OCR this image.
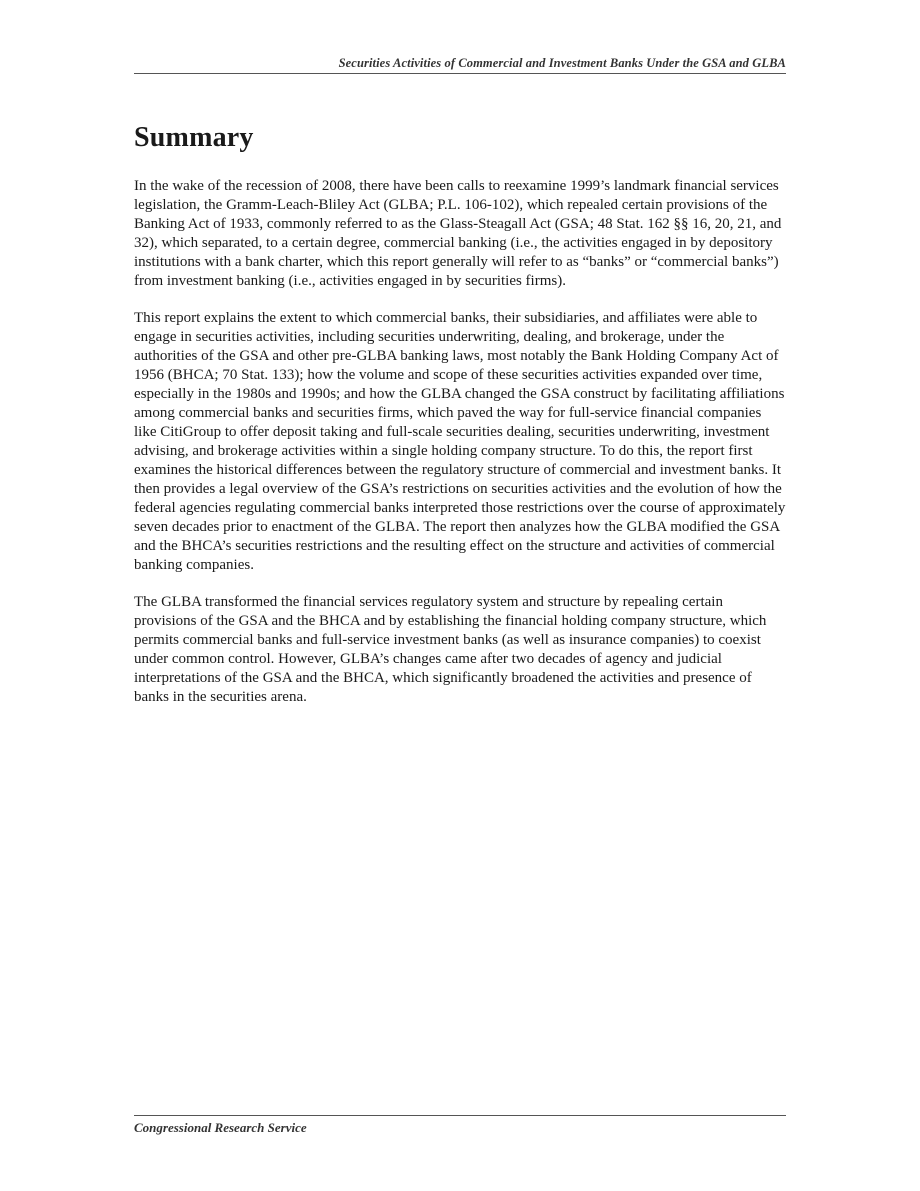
Securities Activities of Commercial and Investment Banks Under the GSA and GLBA
Summary

In the wake of the recession of 2008, there have been calls to reexamine 1999’s landmark financial services legislation, the Gramm-Leach-Bliley Act (GLBA; P.L. 106-102), which repealed certain provisions of the Banking Act of 1933, commonly referred to as the Glass-Steagall Act (GSA; 48 Stat. 162 §§ 16, 20, 21, and 32), which separated, to a certain degree, commercial banking (i.e., the activities engaged in by depository institutions with a bank charter, which this report generally will refer to as “banks” or “commercial banks”) from investment banking (i.e., activities engaged in by securities firms).

This report explains the extent to which commercial banks, their subsidiaries, and affiliates were able to engage in securities activities, including securities underwriting, dealing, and brokerage, under the authorities of the GSA and other pre-GLBA banking laws, most notably the Bank Holding Company Act of 1956 (BHCA; 70 Stat. 133); how the volume and scope of these securities activities expanded over time, especially in the 1980s and 1990s; and how the GLBA changed the GSA construct by facilitating affiliations among commercial banks and securities firms, which paved the way for full-service financial companies like CitiGroup to offer deposit taking and full-scale securities dealing, securities underwriting, investment advising, and brokerage activities within a single holding company structure. To do this, the report first examines the historical differences between the regulatory structure of commercial and investment banks. It then provides a legal overview of the GSA’s restrictions on securities activities and the evolution of how the federal agencies regulating commercial banks interpreted those restrictions over the course of approximately seven decades prior to enactment of the GLBA. The report then analyzes how the GLBA modified the GSA and the BHCA’s securities restrictions and the resulting effect on the structure and activities of commercial banking companies.

The GLBA transformed the financial services regulatory system and structure by repealing certain provisions of the GSA and the BHCA and by establishing the financial holding company structure, which permits commercial banks and full-service investment banks (as well as insurance companies) to coexist under common control. However, GLBA’s changes came after two decades of agency and judicial interpretations of the GSA and the BHCA, which significantly broadened the activities and presence of banks in the securities arena.

Congressional Research Service
